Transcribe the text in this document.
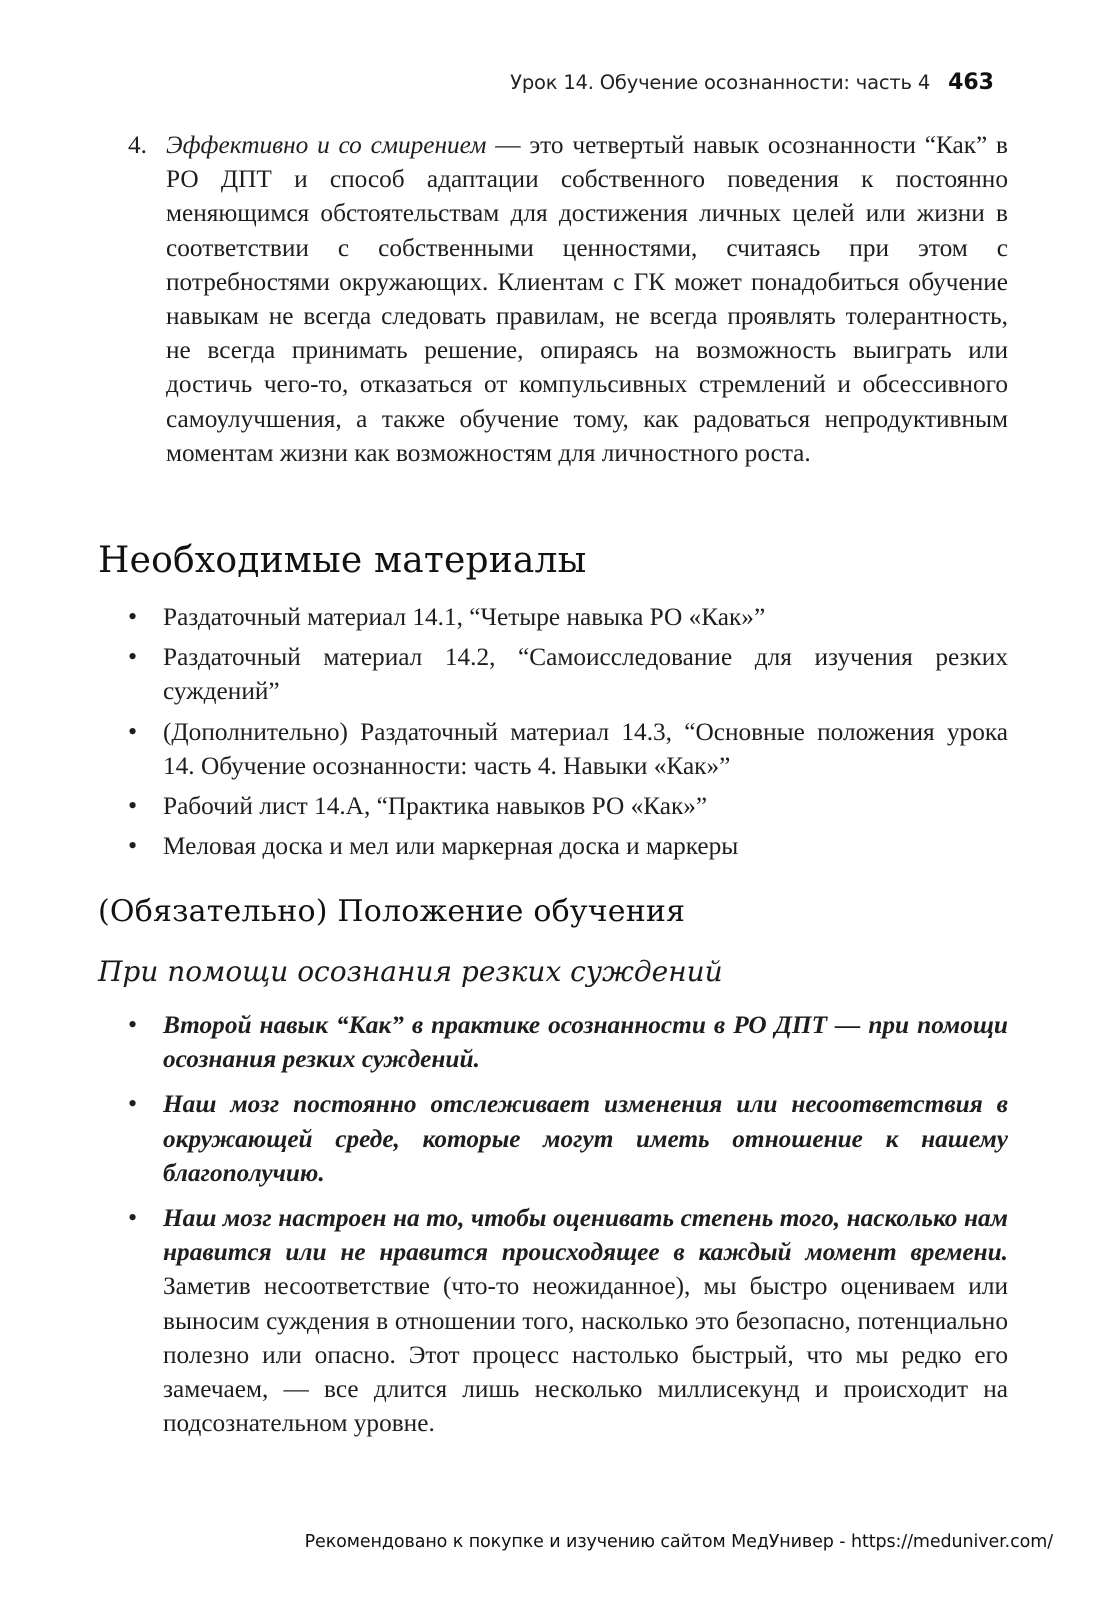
Урок 14. Обучение осознанности: часть 4 463
4. Эффективно и со смирением — это четвертый навык осознанности “Как” в РО ДПТ и способ адаптации собственного поведения к постоянно меняющимся обстоятельствам для достижения личных целей или жизни в соответствии с собственными ценностями, считаясь при этом с потребностями окружающих. Клиентам с ГК может понадобиться обучение навыкам не всегда следовать правилам, не всегда проявлять толерантность, не всегда принимать решение, опираясь на возможность выиграть или достичь чего-то, отказаться от компульсивных стремлений и обсессивного самоулучшения, а также обучение тому, как радоваться непродуктивным моментам жизни как возможностям для личностного роста.
Необходимые материалы
• Раздаточный материал 14.1, “Четыре навыка РО «Как»”
• Раздаточный материал 14.2, “Самоисследование для изучения резких суждений”
• (Дополнительно) Раздаточный материал 14.3, “Основные положения урока 14. Обучение осознанности: часть 4. Навыки «Как»”
• Рабочий лист 14.А, “Практика навыков РО «Как»”
• Меловая доска и мел или маркерная доска и маркеры
(Обязательно) Положение обучения
При помощи осознания резких суждений
• Второй навык “Как” в практике осознанности в РО ДПТ — при помощи осознания резких суждений.
• Наш мозг постоянно отслеживает изменения или несоответствия в окружающей среде, которые могут иметь отношение к нашему благополучию.
• Наш мозг настроен на то, чтобы оценивать степень того, насколько нам нравится или не нравится происходящее в каждый момент времени. Заметив несоответствие (что-то неожиданное), мы быстро оцениваем или выносим суждения в отношении того, насколько это безопасно, потенциально полезно или опасно. Этот процесс настолько быстрый, что мы редко его замечаем, — все длится лишь несколько миллисекунд и происходит на подсознательном уровне.
Рекомендовано к покупке и изучению сайтом МедУнивер - https://meduniver.com/
